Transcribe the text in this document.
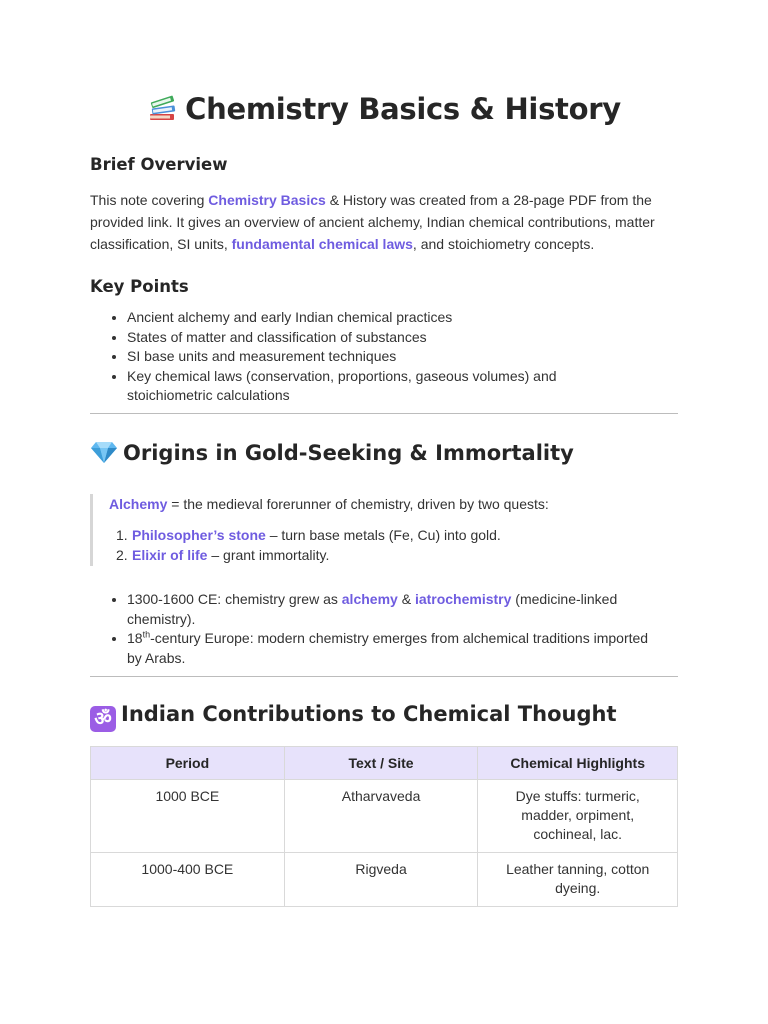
Chemistry Basics & History
Brief Overview

This note covering Chemistry Basics & History was created from a 28-page PDF from the provided link. It gives an overview of ancient alchemy, Indian chemical contributions, matter classification, SI units, fundamental chemical laws, and stoichiometry concepts.

Key Points
Ancient alchemy and early Indian chemical practices
States of matter and classification of substances
SI base units and measurement techniques
Key chemical laws (conservation, proportions, gaseous volumes) and stoichiometric calculations
Origins in Gold-Seeking & Immortality

Alchemy = the medieval forerunner of chemistry, driven by two quests:

1. Philosopher’s stone – turn base metals (Fe, Cu) into gold.
2. Elixir of life – grant immortality.
1300-1600 CE: chemistry grew as alchemy & iatrochemistry (medicine-linked chemistry).
18th-century Europe: modern chemistry emerges from alchemical traditions imported by Arabs.
ॐ Indian Contributions to Chemical Thought
Period	Text / Site	Chemical Highlights
1000 BCE	Atharvaveda	Dye stuffs: turmeric, madder, orpiment, cochineal, lac.
1000-400 BCE	Rigveda	Leather tanning, cotton dyeing.
